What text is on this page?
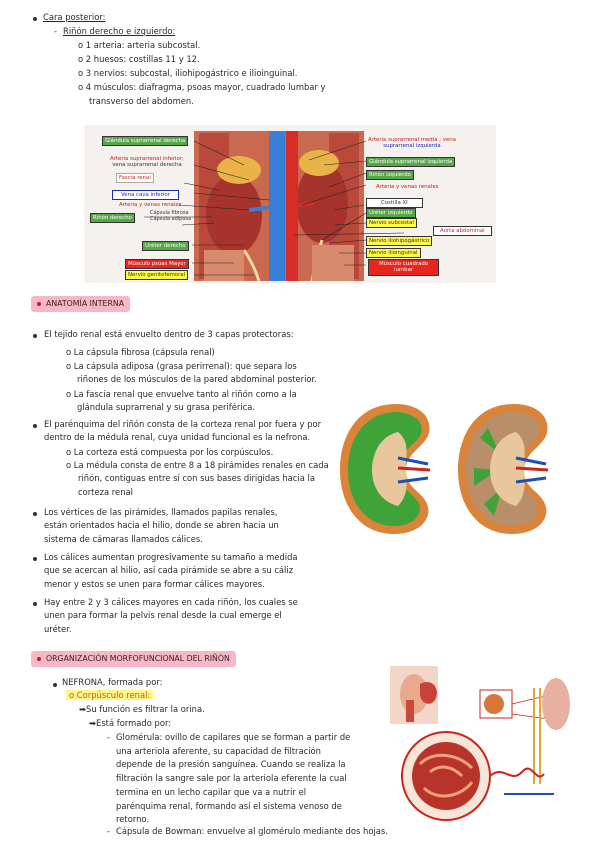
Cara posterior:
- Riñón derecho e izquierdo:
o 1 arteria: arteria subcostal.
o 2 huesos: costillas 11 y 12.
o 3 nervios: subcostal, iliohipogástrico e ilioinguinal.
o 4 músculos: diafragma, psoas mayor, cuadrado lumbar y
transverso del abdomen.
Glándula suprarrenal derecha
Arteria suprarrenal inferior;
vena suprarrenal derecha
Fascia renal
Vena cava inferior
Arteria y venas renales
Riñón derecho
Cápsula fibrosa
Cápsula adiposa
Uréter derecho
Músculo psoas Mayor
Nervio genitofemoral
Arteria suprarrenal media ; vena
suprarrenal izquierda
Glándula suprarrenal izquierda
Riñón izquierdo
Arteria y venas renales
Costilla XI
Uréter izquierdo
Nervio subcostal
Aorta abdominal
Nervio iliohipogástrico
Nervio ilioinguinal
Músculo cuadrado
lumbar
ANATOMÍA INTERNA
El tejido renal está envuelto dentro de 3 capas protectoras:
o La cápsula fibrosa (cápsula renal)
o La cápsula adiposa (grasa perirrenal): que separa los
riñones de los músculos de la pared abdominal posterior.
o La fascia renal que envuelve tanto al riñón como a la
glándula suprarrenal y su grasa periférica.
El parénquima del riñón consta de la corteza renal por fuera y por
dentro de la médula renal, cuya unidad funcional es la nefrona.
o La corteza está compuesta por los corpúsculos.
o La médula consta de entre 8 a 18 pirámides renales en cada
riñón, contiguas entre sí con sus bases dirigidas hacia la
corteza renal
Los vértices de las pirámides, llamados papilas renales,
están orientados hacia el hilio, donde se abren hacia un
sistema de cámaras llamados cálices.
Los cálices aumentan progresivamente su tamaño a medida
que se acercan al hilio, así cada pirámide se abre a su cáliz
menor y estos se unen para formar cálices mayores.
Hay entre 2 y 3 cálices mayores en cada riñón, los cuales se
unen para formar la pelvis renal desde la cual emerge el
uréter.
ORGANIZACIÓN MORFOFUNCIONAL DEL RIÑÓN
NEFRONA, formada por:
o Corpúsculo renal:
➡Su función es filtrar la orina.
➡Está formado por:
- Glomérula: ovillo de capilares que se forman a partir de
una arteriola aferente, su capacidad de filtración
depende de la presión sanguínea. Cuando se realiza la
filtración la sangre sale por la arteriola eferente la cual
termina en un lecho capilar que va a nutrir el
parénquima renal, formando así el sistema venoso de
retorno.
- Cápsula de Bowman: envuelve al glomérulo mediante dos hojas.
